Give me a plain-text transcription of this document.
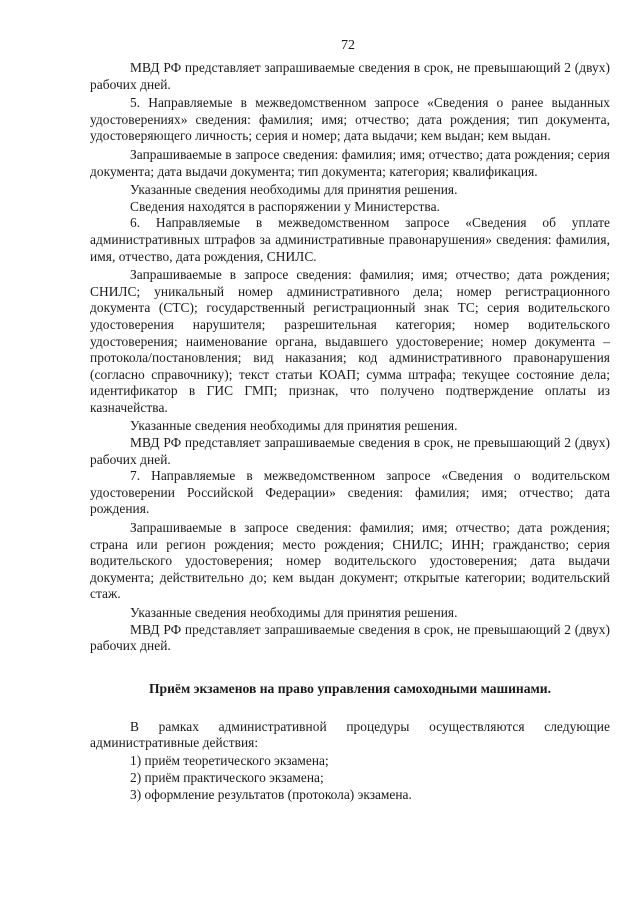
72

МВД РФ представляет запрашиваемые сведения в срок, не превышающий 2 (двух) рабочих дней.

5. Направляемые в межведомственном запросе «Сведения о ранее выданных удостоверениях» сведения: фамилия; имя; отчество; дата рождения; тип документа, удостоверяющего личность; серия и номер; дата выдачи; кем выдан; кем выдан.

Запрашиваемые в запросе сведения: фамилия; имя; отчество; дата рождения; серия документа; дата выдачи документа; тип документа; категория; квалификация.

Указанные сведения необходимы для принятия решения.

Сведения находятся в распоряжении у Министерства.

6. Направляемые в межведомственном запросе «Сведения об уплате административных штрафов за административные правонарушения» сведения: фамилия, имя, отчество, дата рождения, СНИЛС.

Запрашиваемые в запросе сведения: фамилия; имя; отчество; дата рождения; СНИЛС; уникальный номер административного дела; номер регистрационного документа (СТС); государственный регистрационный знак ТС; серия водительского удостоверения нарушителя; разрешительная категория; номер водительского удостоверения; наименование органа, выдавшего удостоверение; номер документа – протокола/постановления; вид наказания; код административного правонарушения (согласно справочнику); текст статьи КОАП; сумма штрафа; текущее состояние дела; идентификатор в ГИС ГМП; признак, что получено подтверждение оплаты из казначейства.

Указанные сведения необходимы для принятия решения.

МВД РФ представляет запрашиваемые сведения в срок, не превышающий 2 (двух) рабочих дней.

7. Направляемые в межведомственном запросе «Сведения о водительском удостоверении Российской Федерации» сведения: фамилия; имя; отчество; дата рождения.

Запрашиваемые в запросе сведения: фамилия; имя; отчество; дата рождения; страна или регион рождения; место рождения; СНИЛС; ИНН; гражданство; серия водительского удостоверения; номер водительского удостоверения; дата выдачи документа; действительно до; кем выдан документ; открытые категории; водительский стаж.

Указанные сведения необходимы для принятия решения.

МВД РФ представляет запрашиваемые сведения в срок, не превышающий 2 (двух) рабочих дней.

Приём экзаменов на право управления самоходными машинами.

В рамках административной процедуры осуществляются следующие административные действия:

1) приём теоретического экзамена;

2) приём практического экзамена;

3) оформление результатов (протокола) экзамена.
